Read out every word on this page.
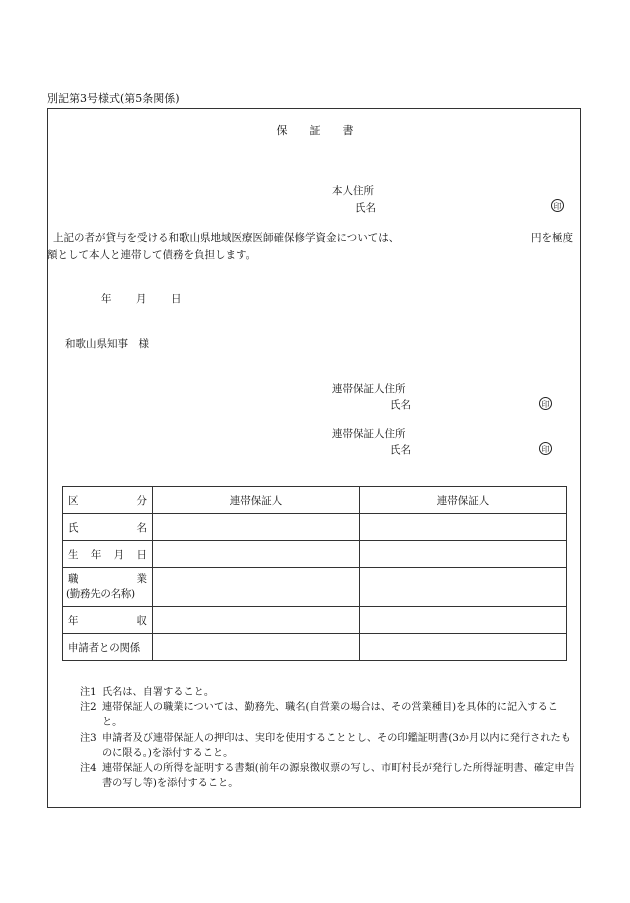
別記第3号様式(第5条関係)
保 証 書
本人住所
氏名	印
上記の者が貸与を受ける和歌山県地域医療医師確保修学資金については、	円を極度
額として本人と連帯して債務を負担します。
年 月 日
和歌山県知事　様
連帯保証人住所
氏名	印
連帯保証人住所
氏名	印
区 分	連帯保証人	連帯保証人

氏 名		

生 年 月 日		

職 業
(勤務先の名称)		

年 収		

申請者との関係		
注1 氏名は、自署すること。
注2 連帯保証人の職業については、勤務先、職名(自営業の場合は、その営業種目)を具体的に記入すること。
注3 申請者及び連帯保証人の押印は、実印を使用することとし、その印鑑証明書(3か月以内に発行されたものに限る。)を添付すること。
注4 連帯保証人の所得を証明する書類(前年の源泉徴収票の写し、市町村長が発行した所得証明書、確定申告書の写し等)を添付すること。
